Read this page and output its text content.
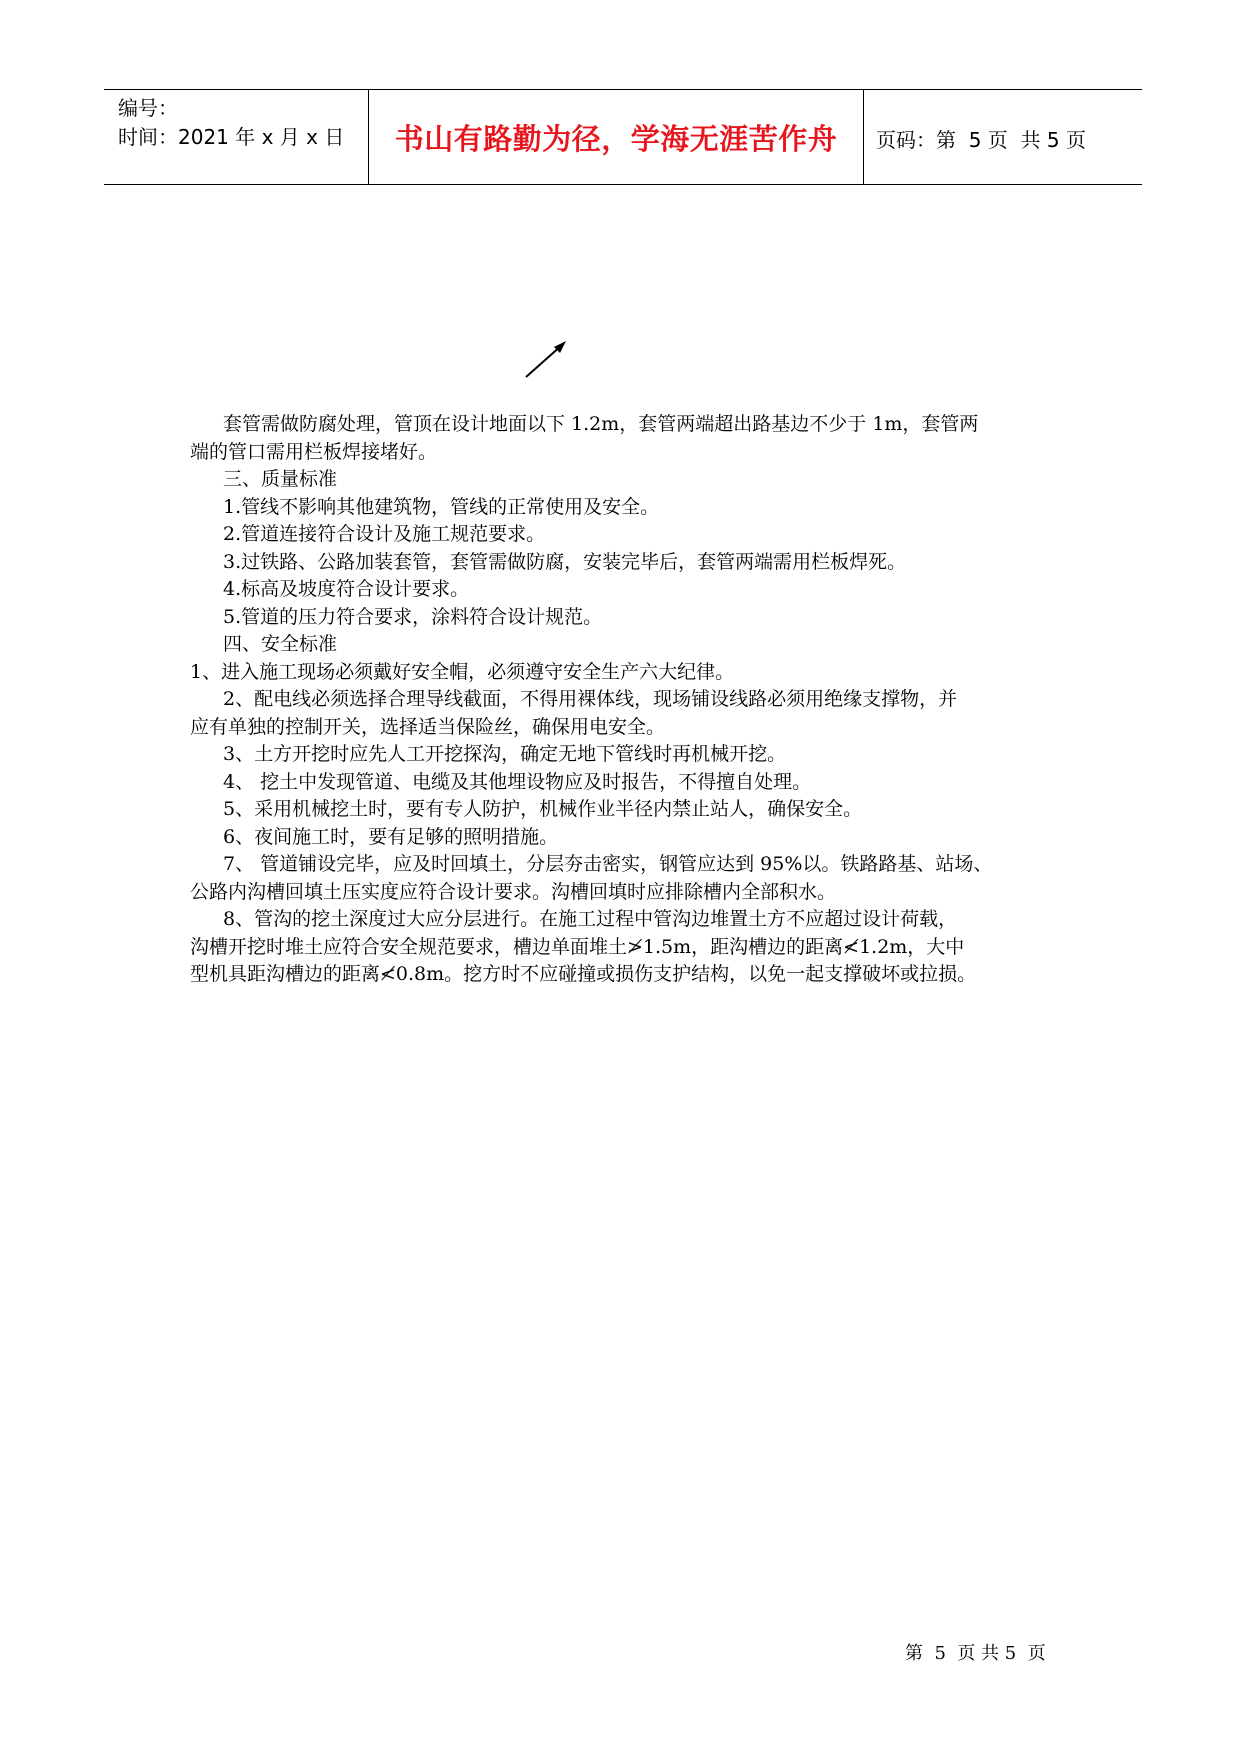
编号：
时间：2021 年 x 月 x 日	书山有路勤为径，学海无涯苦作舟	页码：第  5 页  共 5 页

套管需做防腐处理，管顶在设计地面以下 1.2m，套管两端超出路基边不少于 1m，套管两

端的管口需用栏板焊接堵好。

三、质量标准

1.管线不影响其他建筑物，管线的正常使用及安全。

2.管道连接符合设计及施工规范要求。

3.过铁路、公路加装套管，套管需做防腐，安装完毕后，套管两端需用栏板焊死。

4.标高及坡度符合设计要求。

5.管道的压力符合要求，涂料符合设计规范。

四、安全标准

1、进入施工现场必须戴好安全帽，必须遵守安全生产六大纪律。

2、配电线必须选择合理导线截面，不得用裸体线，现场铺设线路必须用绝缘支撑物，并

应有单独的控制开关，选择适当保险丝，确保用电安全。

3、土方开挖时应先人工开挖探沟，确定无地下管线时再机械开挖。

4、 挖土中发现管道、电缆及其他埋设物应及时报告，不得擅自处理。

5、采用机械挖土时，要有专人防护，机械作业半径内禁止站人，确保安全。

6、夜间施工时，要有足够的照明措施。

7、 管道铺设完毕，应及时回填土，分层夯击密实，钢管应达到 95%以。铁路路基、站场、

公路内沟槽回填土压实度应符合设计要求。沟槽回填时应排除槽内全部积水。

8、管沟的挖土深度过大应分层进行。在施工过程中管沟边堆置土方不应超过设计荷载，

沟槽开挖时堆土应符合安全规范要求，槽边单面堆土≯1.5m，距沟槽边的距离≮1.2m，大中

型机具距沟槽边的距离≮0.8m。挖方时不应碰撞或损伤支护结构，以免一起支撑破坏或拉损。

第  5  页 共 5  页
